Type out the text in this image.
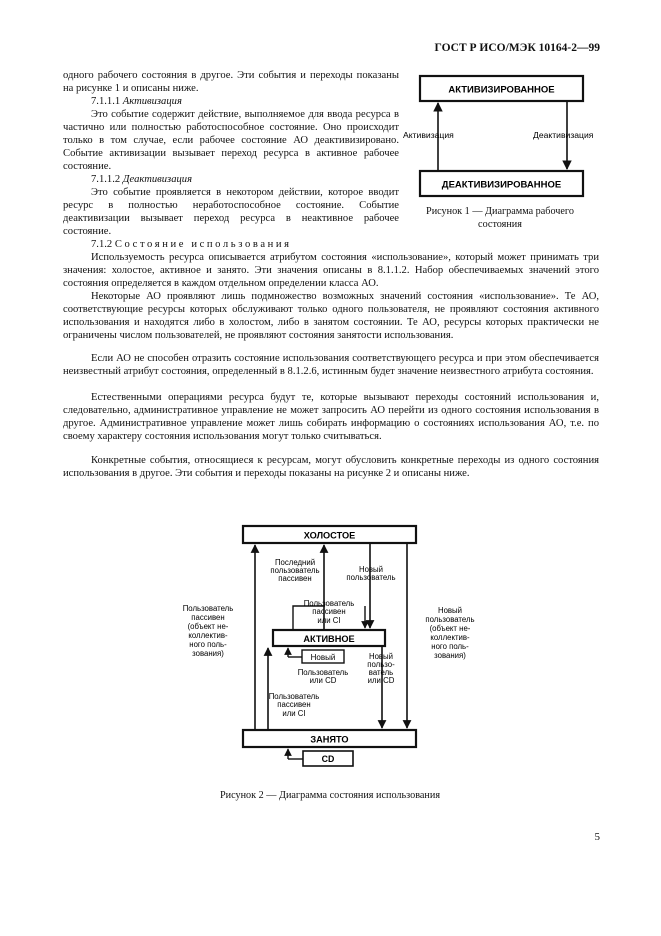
ГОСТ Р ИСО/МЭК 10164-2—99
одного рабочего состояния в другое. Эти события и переходы показаны на рисунке 1 и описаны ниже.
7.1.1.1 Активизация
Это событие содержит действие, выполняемое для ввода ресурса в частично или полностью работоспособное состояние. Оно происходит только в том случае, если рабочее состояние АО деактивизировано. Событие активизации вызывает переход ресурса в активное рабочее состояние.
7.1.1.2 Деактивизация
Это событие проявляется в некотором действии, которое вводит ресурс в полностью неработоспособное состояние. Событие деактивизации вызывает переход ресурса в неактивное рабочее состояние.
АКТИВИЗИРОВАННОЕ
ДЕАКТИВИЗИРОВАННОЕ
Активизация	Деактивизация
Рисунок 1 — Диаграмма рабочего
состояния
7.1.2 Состояние использования
Используемость ресурса описывается атрибутом состояния «использование», который может принимать три значения: холостое, активное и занято. Эти значения описаны в 8.1.1.2. Набор обеспечиваемых значений этого состояния определяется в каждом отдельном определении класса АО.
Некоторые АО проявляют лишь подмножество возможных значений состояния «использование». Те АО, соответствующие ресурсы которых обслуживают только одного пользователя, не проявляют состояния активного использования и находятся либо в холостом, либо в занятом состоянии. Те АО, ресурсы которых практически не ограничены числом пользователей, не проявляют состояния занятости использования.
Если АО не способен отразить состояние использования соответствующего ресурса и при этом обеспечивается неизвестный атрибут состояния, определенный в 8.1.2.6, истинным будет значение неизвестного атрибута состояния.
Естественными операциями ресурса будут те, которые вызывают переходы состояний использования и, следовательно, административное управление не может запросить АО перейти из одного состояния использования в другое. Административное управление может лишь собирать информацию о состояниях использования АО, т.е. по своему характеру состояния использования могут только считываться.
Конкретные события, относящиеся к ресурсам, могут обусловить конкретные переходы из одного состояния использования в другое. Эти события и переходы показаны на рисунке 2 и описаны ниже.
ХОЛОСТОЕ
АКТИВНОЕ
ЗАНЯТО
CD
Пользователь
пассивен
или CI
Новый
Последний
пользователь
пассивен
Новый
пользователь
Пользователь
пассивен
(объект не-
коллектив-
ного поль-
зования)
Новый
пользователь
(объект не-
коллектив-
ного поль-
зования)
Пользователь
или CD
Новый
пользо-
ватель
или CD
Пользователь
пассивен
или CI
Рисунок 2 — Диаграмма состояния использования
5
